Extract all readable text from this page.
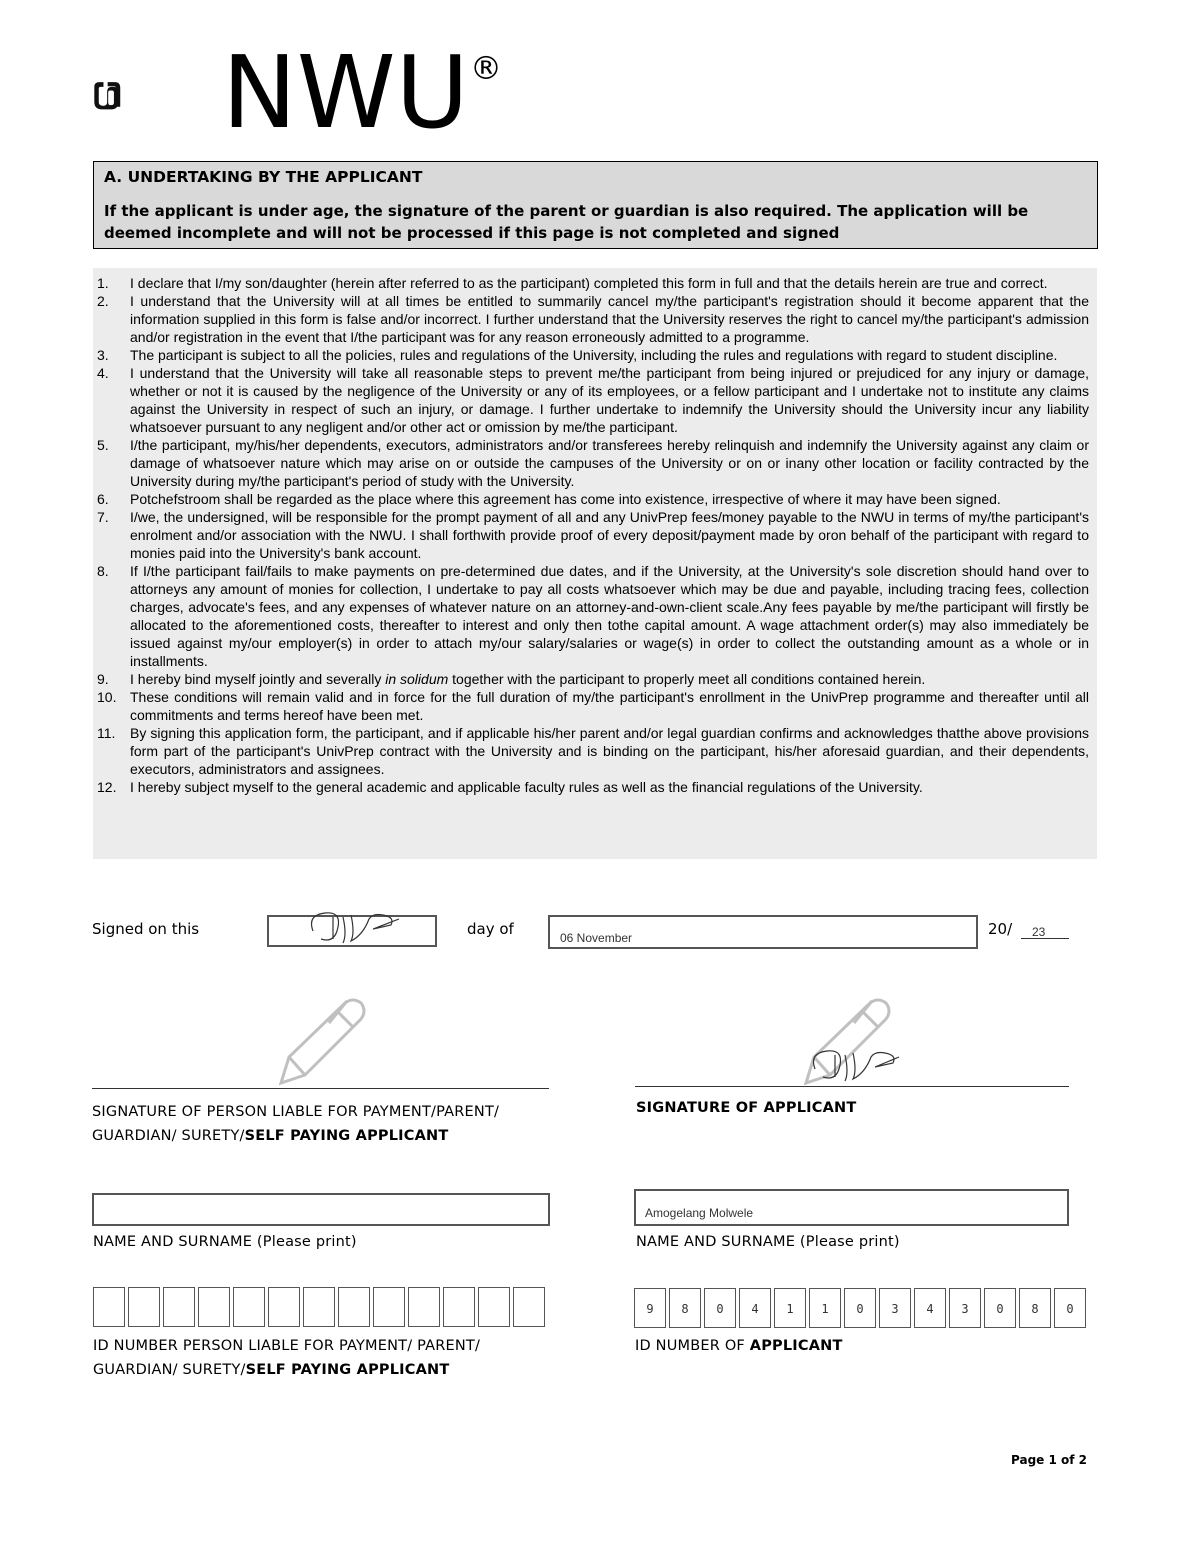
NWU ®
A. UNDERTAKING BY THE APPLICANT
If the applicant is under age, the signature of the parent or guardian is also required. The application will be deemed incomplete and will not be processed if this page is not completed and signed
1. I declare that I/my son/daughter (herein after referred to as the participant) completed this form in full and that the details herein are true and correct.
2. I understand that the University will at all times be entitled to summarily cancel my/the participant's registration should it become apparent that the information supplied in this form is false and/or incorrect. I further understand that the University reserves the right to cancel my/the participant's admission and/or registration in the event that I/the participant was for any reason erroneously admitted to a programme.
3. The participant is subject to all the policies, rules and regulations of the University, including the rules and regulations with regard to student discipline.
4. I understand that the University will take all reasonable steps to prevent me/the participant from being injured or prejudiced for any injury or damage, whether or not it is caused by the negligence of the University or any of its employees, or a fellow participant and I undertake not to institute any claims against the University in respect of such an injury, or damage. I further undertake to indemnify the University should the University incur any liability whatsoever pursuant to any negligent and/or other act or omission by me/the participant.
5. I/the participant, my/his/her dependents, executors, administrators and/or transferees hereby relinquish and indemnify the University against any claim or damage of whatsoever nature which may arise on or outside the campuses of the University or on or inany other location or facility contracted by the University during my/the participant's period of study with the University.
6. Potchefstroom shall be regarded as the place where this agreement has come into existence, irrespective of where it may have been signed.
7. I/we, the undersigned, will be responsible for the prompt payment of all and any UnivPrep fees/money payable to the NWU in terms of my/the participant's enrolment and/or association with the NWU. I shall forthwith provide proof of every deposit/payment made by oron behalf of the participant with regard to monies paid into the University's bank account.
8. If I/the participant fail/fails to make payments on pre-determined due dates, and if the University, at the University's sole discretion should hand over to attorneys any amount of monies for collection, I undertake to pay all costs whatsoever which may be due and payable, including tracing fees, collection charges, advocate's fees, and any expenses of whatever nature on an attorney-and-own-client scale.Any fees payable by me/the participant will firstly be allocated to the aforementioned costs, thereafter to interest and only then tothe capital amount. A wage attachment order(s) may also immediately be issued against my/our employer(s) in order to attach my/our salary/salaries or wage(s) in order to collect the outstanding amount as a whole or in installments.
9. I hereby bind myself jointly and severally in solidum together with the participant to properly meet all conditions contained herein.
10. These conditions will remain valid and in force for the full duration of my/the participant's enrollment in the UnivPrep programme and thereafter until all commitments and terms hereof have been met.
11. By signing this application form, the participant, and if applicable his/her parent and/or legal guardian confirms and acknowledges thatthe above provisions form part of the participant's UnivPrep contract with the University and is binding on the participant, his/her aforesaid guardian, and their dependents, executors, administrators and assignees.
12. I hereby subject myself to the general academic and applicable faculty rules as well as the financial regulations of the University.
Signed on this	day of	06 November	20/ 23
SIGNATURE OF PERSON LIABLE FOR PAYMENT/PARENT/ GUARDIAN/ SURETY/SELF PAYING APPLICANT
SIGNATURE OF APPLICANT
NAME AND SURNAME (Please print)
Amogelang Molwele
NAME AND SURNAME (Please print)
ID NUMBER PERSON LIABLE FOR PAYMENT/ PARENT/ GUARDIAN/ SURETY/SELF PAYING APPLICANT
9	8	0	4	1	1	0	3	4	3	0	8	0
ID NUMBER OF APPLICANT
Page 1 of 2
